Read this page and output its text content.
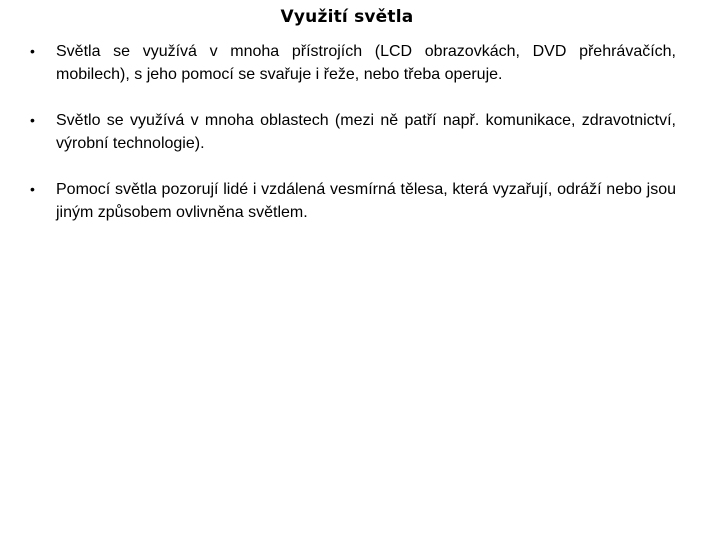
Využití světla
• Světla se využívá v mnoha přístrojích (LCD obrazovkách, DVD přehrávačích, mobilech), s jeho pomocí se svařuje i řeže, nebo třeba operuje.
• Světlo se využívá v mnoha oblastech (mezi ně patří např. komunikace, zdravotnictví, výrobní technologie).
• Pomocí světla pozorují lidé i vzdálená vesmírná tělesa, která vyzařují, odráží nebo jsou jiným způsobem ovlivněna světlem.
